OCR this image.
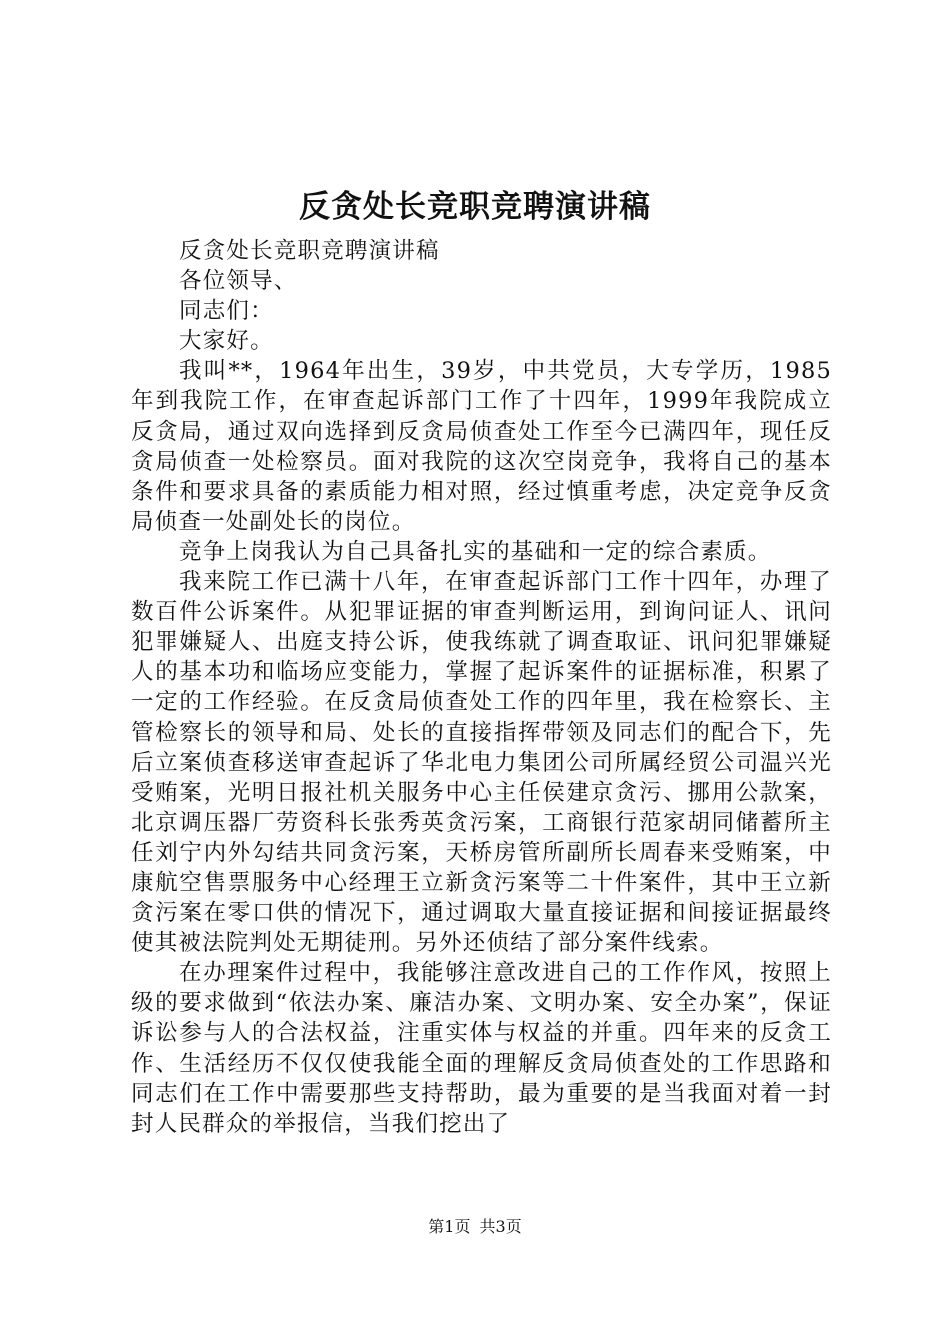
反贪处长竞职竞聘演讲稿

反贪处长竞职竞聘演讲稿

各位领导、

同志们：

大家好。

我叫**，1964年出生，39岁，中共党员，大专学历，1985年到我院工作，在审查起诉部门工作了十四年，1999年我院成立反贪局，通过双向选择到反贪局侦查处工作至今已满四年，现任反贪局侦查一处检察员。面对我院的这次空岗竞争，我将自己的基本条件和要求具备的素质能力相对照，经过慎重考虑，决定竞争反贪局侦查一处副处长的岗位。

竞争上岗我认为自己具备扎实的基础和一定的综合素质。

我来院工作已满十八年，在审查起诉部门工作十四年，办理了数百件公诉案件。从犯罪证据的审查判断运用，到询问证人、讯问犯罪嫌疑人、出庭支持公诉，使我练就了调查取证、讯问犯罪嫌疑人的基本功和临场应变能力，掌握了起诉案件的证据标准，积累了一定的工作经验。在反贪局侦查处工作的四年里，我在检察长、主管检察长的领导和局、处长的直接指挥带领及同志们的配合下，先后立案侦查移送审查起诉了华北电力集团公司所属经贸公司温兴光受贿案，光明日报社机关服务中心主任侯建京贪污、挪用公款案，北京调压器厂劳资科长张秀英贪污案，工商银行范家胡同储蓄所主任刘宁内外勾结共同贪污案，天桥房管所副所长周春来受贿案，中康航空售票服务中心经理王立新贪污案等二十件案件，其中王立新贪污案在零口供的情况下，通过调取大量直接证据和间接证据最终使其被法院判处无期徒刑。另外还侦结了部分案件线索。

在办理案件过程中，我能够注意改进自己的工作作风，按照上级的要求做到“依法办案、廉洁办案、文明办案、安全办案”，保证诉讼参与人的合法权益，注重实体与权益的并重。四年来的反贪工作、生活经历不仅仅使我能全面的理解反贪局侦查处的工作思路和同志们在工作中需要那些支持帮助，最为重要的是当我面对着一封封人民群众的举报信，当我们挖出了

第1页 共3页
